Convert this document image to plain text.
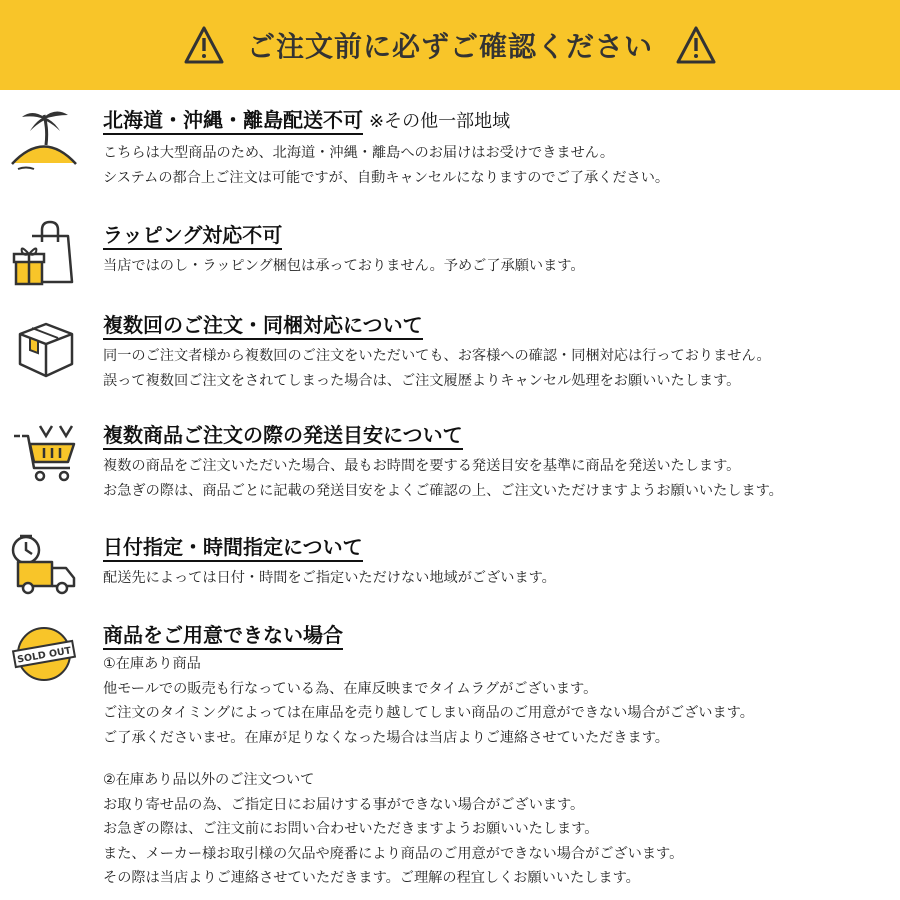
ご注文前に必ずご確認ください
北海道・沖縄・離島配送不可 ※その他一部地域
こちらは大型商品のため、北海道・沖縄・離島へのお届けはお受けできません。
システムの都合上ご注文は可能ですが、自動キャンセルになりますのでご了承ください。
ラッピング対応不可
当店ではのし・ラッピング梱包は承っておりません。予めご了承願います。
複数回のご注文・同梱対応について
同一のご注文者様から複数回のご注文をいただいても、お客様への確認・同梱対応は行っておりません。
誤って複数回ご注文をされてしまった場合は、ご注文履歴よりキャンセル処理をお願いいたします。
複数商品ご注文の際の発送目安について
複数の商品をご注文いただいた場合、最もお時間を要する発送目安を基準に商品を発送いたします。
お急ぎの際は、商品ごとに記載の発送目安をよくご確認の上、ご注文いただけますようお願いいたします。
日付指定・時間指定について
配送先によっては日付・時間をご指定いただけない地域がございます。
SOLD OUT
商品をご用意できない場合
①在庫あり商品
他モールでの販売も行なっている為、在庫反映までタイムラグがございます。
ご注文のタイミングによっては在庫品を売り越してしまい商品のご用意ができない場合がございます。
ご了承くださいませ。在庫が足りなくなった場合は当店よりご連絡させていただきます。
②在庫あり品以外のご注文ついて
お取り寄せ品の為、ご指定日にお届けする事ができない場合がございます。
お急ぎの際は、ご注文前にお問い合わせいただきますようお願いいたします。
また、メーカー様お取引様の欠品や廃番により商品のご用意ができない場合がございます。
その際は当店よりご連絡させていただきます。ご理解の程宜しくお願いいたします。
